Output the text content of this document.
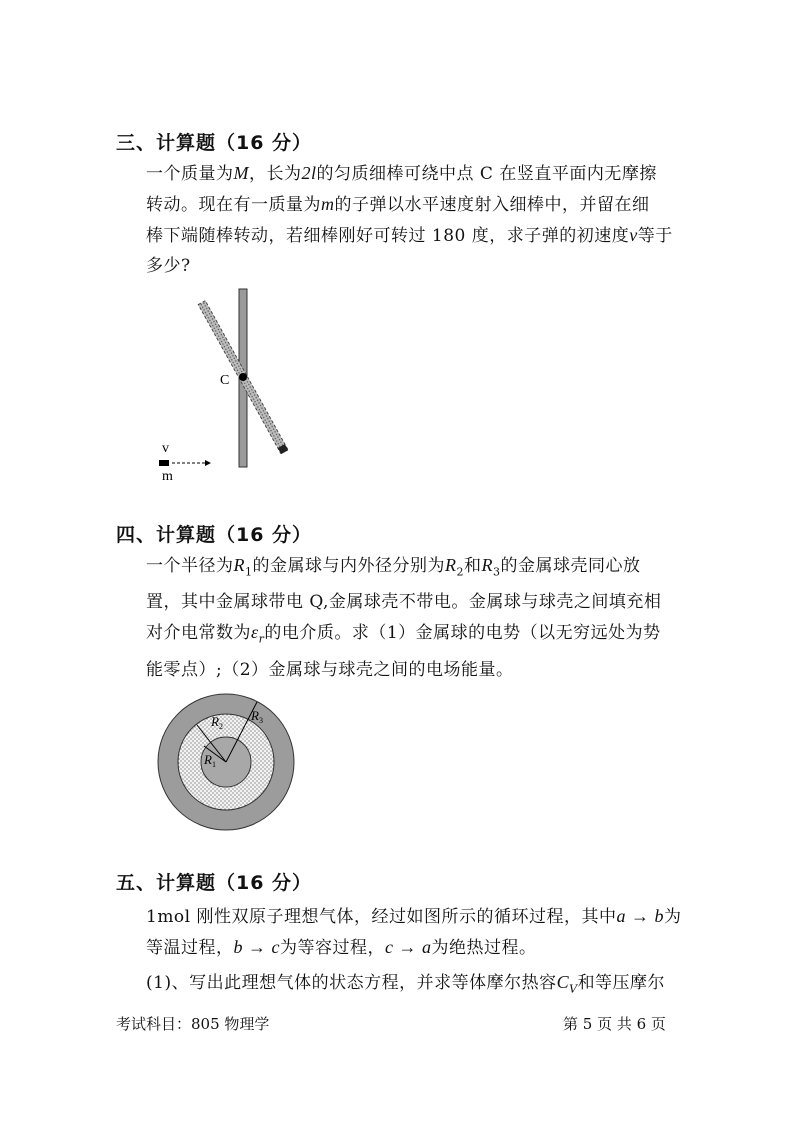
三、计算题（16 分）
一个质量为M，长为2l的匀质细棒可绕中点 C 在竖直平面内无摩擦
转动。现在有一质量为m的子弹以水平速度射入细棒中，并留在细
棒下端随棒转动，若细棒刚好可转过 180 度，求子弹的初速度v等于
多少?
C
v
m
四、计算题（16 分）
一个半径为$R_1$的金属球与内外径分别为$R_2$和$R_3$的金属球壳同心放
置，其中金属球带电 Q,金属球壳不带电。金属球与球壳之间填充相
对介电常数为$\varepsilon_r$的电介质。求（1）金属球的电势（以无穷远处为势
能零点）;（2）金属球与球壳之间的电场能量。
$R_3$
$R_2$
$R_1$
五、计算题（16 分）
1mol 刚性双原子理想气体，经过如图所示的循环过程，其中a → b为
等温过程，b → c为等容过程，c → a为绝热过程。
(1)、写出此理想气体的状态方程，并求等体摩尔热容$C_V$和等压摩尔
考试科目：805 物理学	第 5 页 共 6 页
